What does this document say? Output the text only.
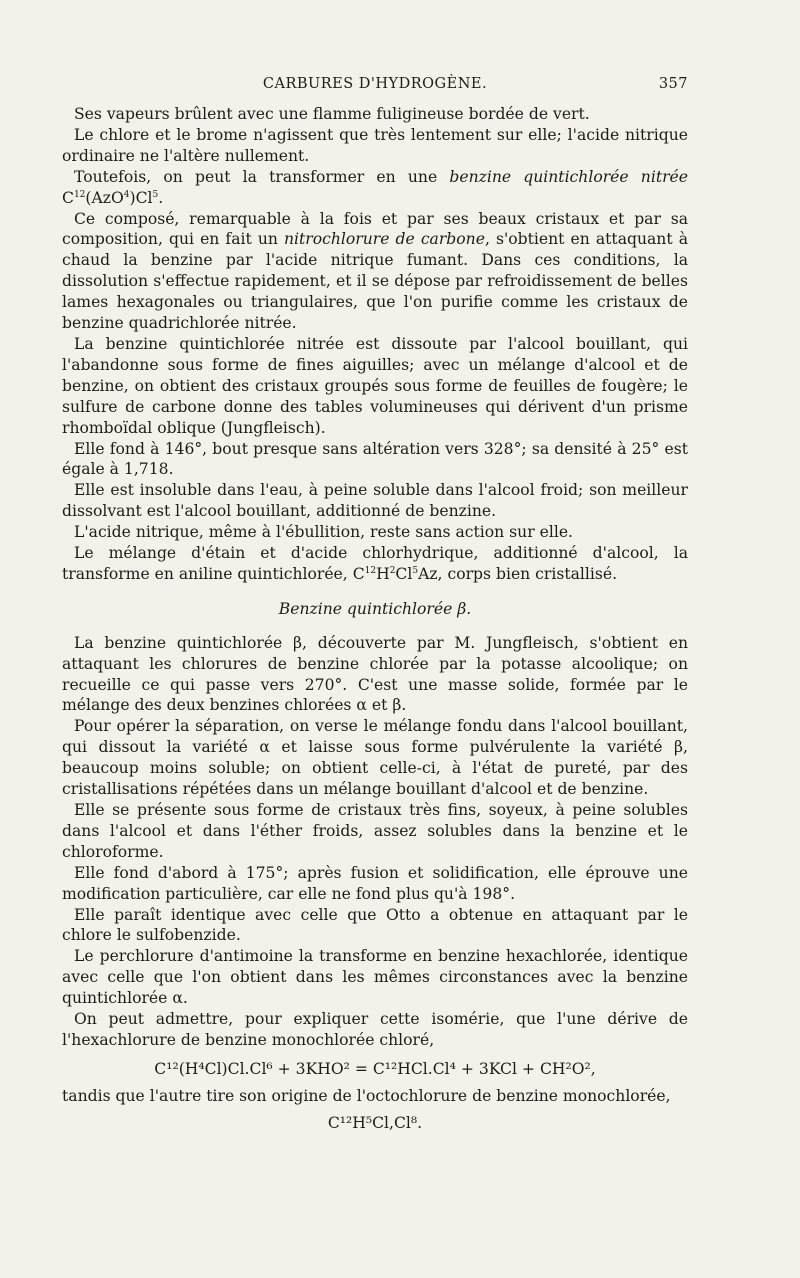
CARBURES D'HYDROGÈNE.	357

Ses vapeurs brûlent avec une flamme fuligineuse bordée de vert.

Le chlore et le brome n'agissent que très lentement sur elle; l'acide nitrique ordinaire ne l'altère nullement.

Toutefois, on peut la transformer en une benzine quintichlorée nitrée $C^{12}(AzO^4)Cl^5$.

Ce composé, remarquable à la fois et par ses beaux cristaux et par sa composition, qui en fait un nitrochlorure de carbone, s'obtient en attaquant à chaud la benzine par l'acide nitrique fumant. Dans ces conditions, la dissolution s'effectue rapidement, et il se dépose par refroidissement de belles lames hexagonales ou triangulaires, que l'on purifie comme les cristaux de benzine quadrichlorée nitrée.

La benzine quintichlorée nitrée est dissoute par l'alcool bouillant, qui l'abandonne sous forme de fines aiguilles; avec un mélange d'alcool et de benzine, on obtient des cristaux groupés sous forme de feuilles de fougère; le sulfure de carbone donne des tables volumineuses qui dérivent d'un prisme rhomboïdal oblique (Jungfleisch).

Elle fond à 146°, bout presque sans altération vers 328°; sa densité à 25° est égale à 1,718.

Elle est insoluble dans l'eau, à peine soluble dans l'alcool froid; son meilleur dissolvant est l'alcool bouillant, additionné de benzine.

L'acide nitrique, même à l'ébullition, reste sans action sur elle.

Le mélange d'étain et d'acide chlorhydrique, additionné d'alcool, la transforme en aniline quintichlorée, $C^{12}H^2Cl^5Az$, corps bien cristallisé.

Benzine quintichlorée β.

La benzine quintichlorée β, découverte par M. Jungfleisch, s'obtient en attaquant les chlorures de benzine chlorée par la potasse alcoolique; on recueille ce qui passe vers 270°. C'est une masse solide, formée par le mélange des deux benzines chlorées α et β.

Pour opérer la séparation, on verse le mélange fondu dans l'alcool bouillant, qui dissout la variété α et laisse sous forme pulvérulente la variété β, beaucoup moins soluble; on obtient celle-ci, à l'état de pureté, par des cristallisations répétées dans un mélange bouillant d'alcool et de benzine.

Elle se présente sous forme de cristaux très fins, soyeux, à peine solubles dans l'alcool et dans l'éther froids, assez solubles dans la benzine et le chloroforme.

Elle fond d'abord à 175°; après fusion et solidification, elle éprouve une modification particulière, car elle ne fond plus qu'à 198°.

Elle paraît identique avec celle que Otto a obtenue en attaquant par le chlore le sulfobenzide.

Le perchlorure d'antimoine la transforme en benzine hexachlorée, identique avec celle que l'on obtient dans les mêmes circonstances avec la benzine quintichlorée α.

On peut admettre, pour expliquer cette isomérie, que l'une dérive de l'hexachlorure de benzine monochlorée chloré,

C¹²(H⁴Cl)Cl.Cl⁶ + 3KHO² = C¹²HCl.Cl⁴ + 3KCl + CH²O²,

tandis que l'autre tire son origine de l'octochlorure de benzine monochlorée,

C¹²H⁵Cl,Cl⁸.
